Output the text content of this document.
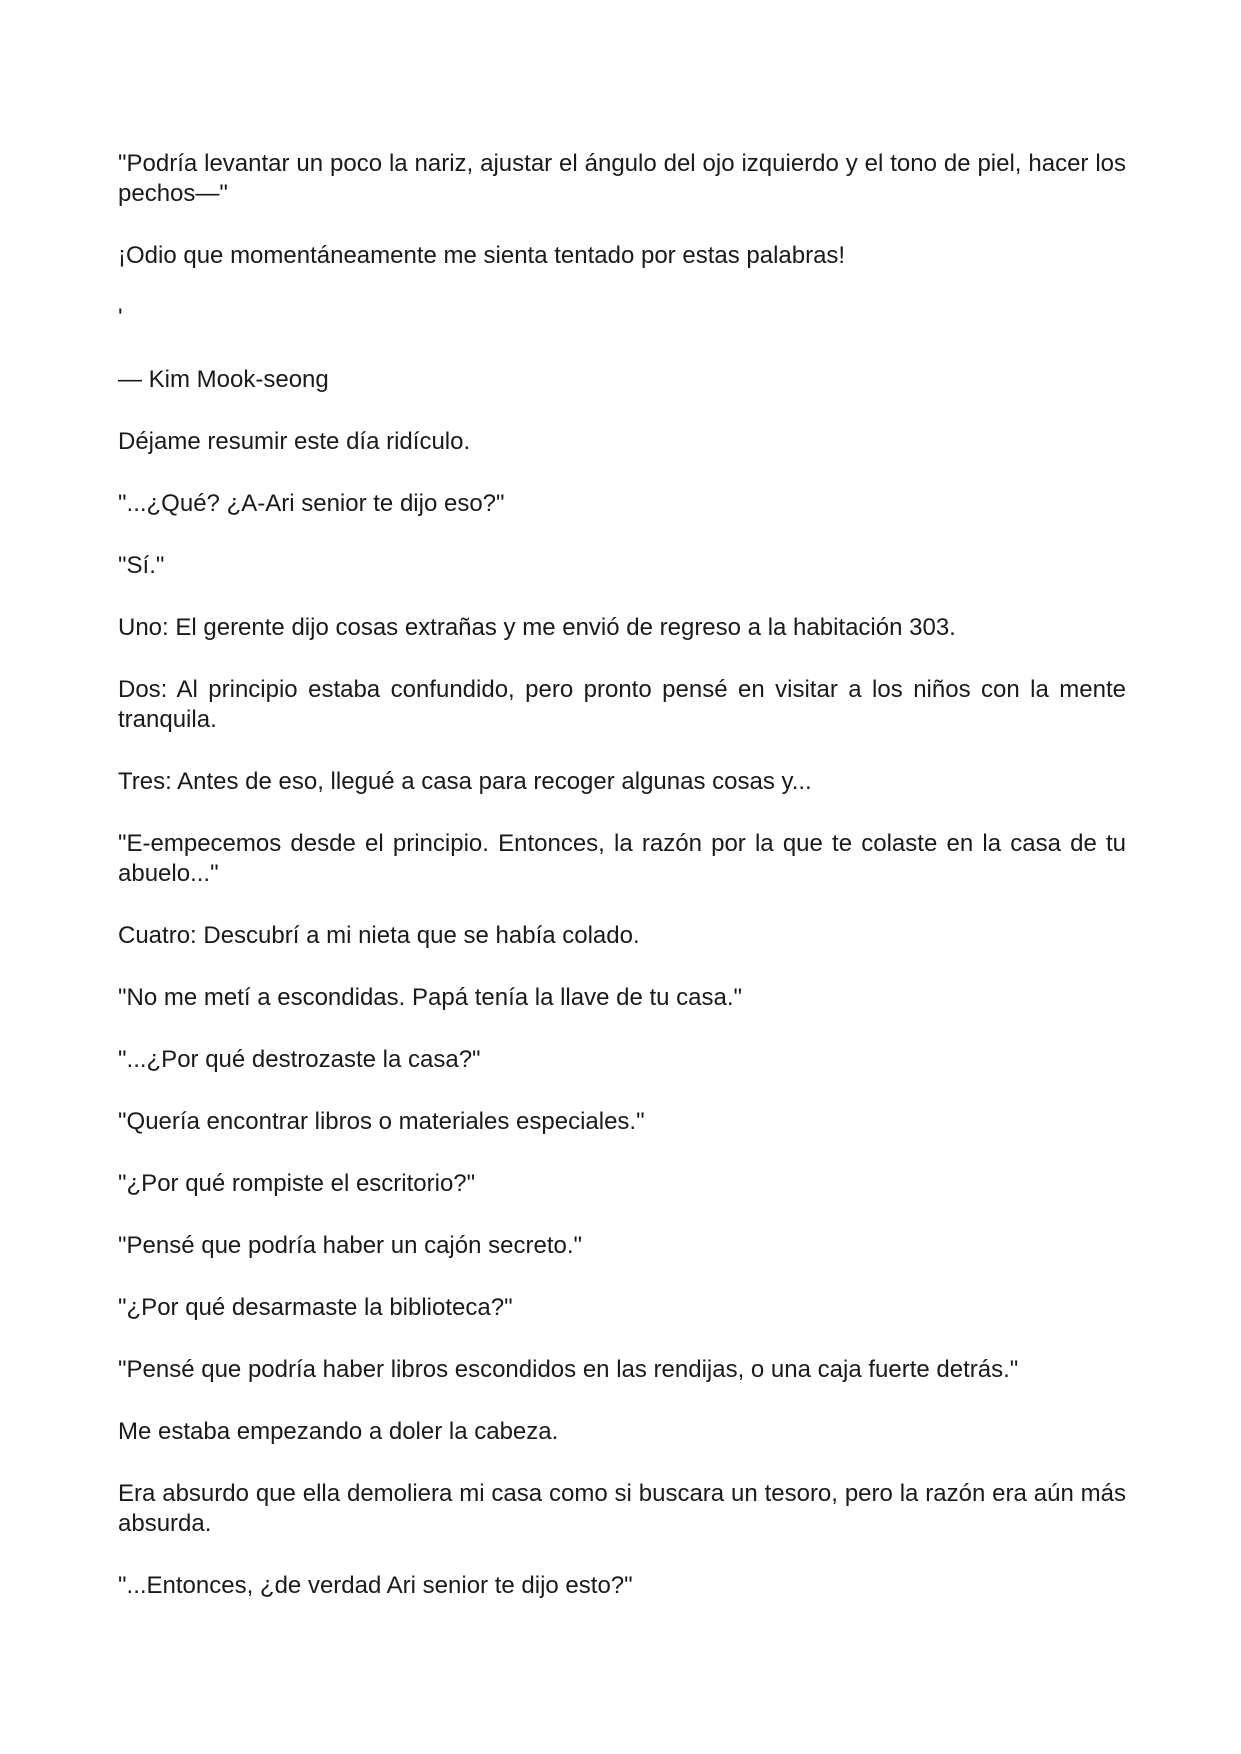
"Podría levantar un poco la nariz, ajustar el ángulo del ojo izquierdo y el tono de piel, hacer los pechos—"

¡Odio que momentáneamente me sienta tentado por estas palabras!

'

— Kim Mook-seong

Déjame resumir este día ridículo.

"...¿Qué? ¿A-Ari senior te dijo eso?"

"Sí."

Uno: El gerente dijo cosas extrañas y me envió de regreso a la habitación 303.

Dos: Al principio estaba confundido, pero pronto pensé en visitar a los niños con la mente tranquila.

Tres: Antes de eso, llegué a casa para recoger algunas cosas y...

"E-empecemos desde el principio. Entonces, la razón por la que te colaste en la casa de tu abuelo..."

Cuatro: Descubrí a mi nieta que se había colado.

"No me metí a escondidas. Papá tenía la llave de tu casa."

"...¿Por qué destrozaste la casa?"

"Quería encontrar libros o materiales especiales."

"¿Por qué rompiste el escritorio?"

"Pensé que podría haber un cajón secreto."

"¿Por qué desarmaste la biblioteca?"

"Pensé que podría haber libros escondidos en las rendijas, o una caja fuerte detrás."

Me estaba empezando a doler la cabeza.

Era absurdo que ella demoliera mi casa como si buscara un tesoro, pero la razón era aún más absurda.

"...Entonces, ¿de verdad Ari senior te dijo esto?"
